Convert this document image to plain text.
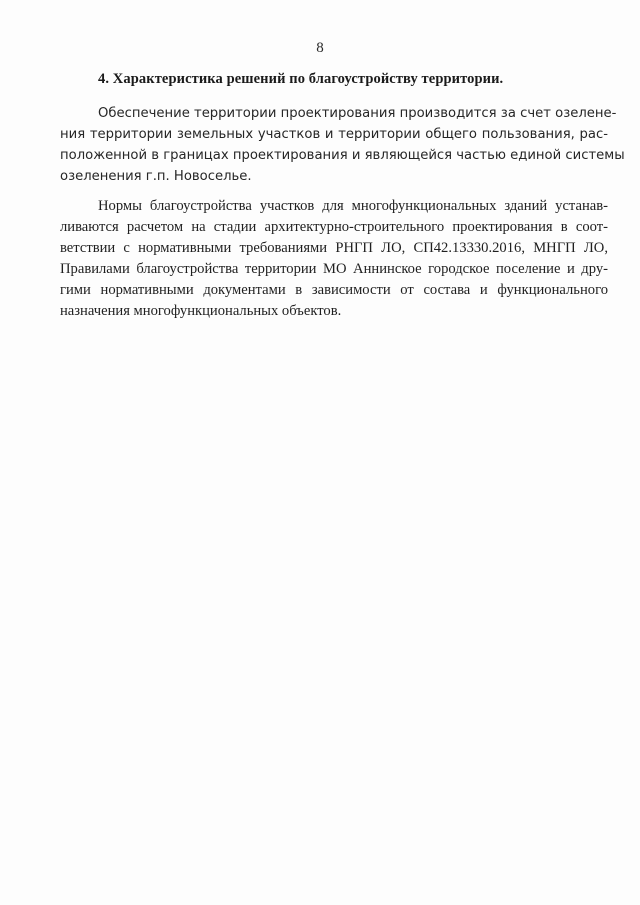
8
4. Характеристика решений по благоустройству территории.
Обеспечение территории проектирования производится за счет озелене-
ния территории земельных участков и территории общего пользования, рас-
положенной в границах проектирования и являющейся частью единой системы
озеленения г.п. Новоселье.
Нормы благоустройства участков для многофункциональных зданий устанав-
ливаются расчетом на стадии архитектурно-строительного проектирования в соот-
ветствии с нормативными требованиями РНГП ЛО, СП42.13330.2016, МНГП ЛО,
Правилами благоустройства территории МО Аннинское городское поселение и дру-
гими нормативными документами в зависимости от состава и функционального
назначения многофункциональных объектов.
